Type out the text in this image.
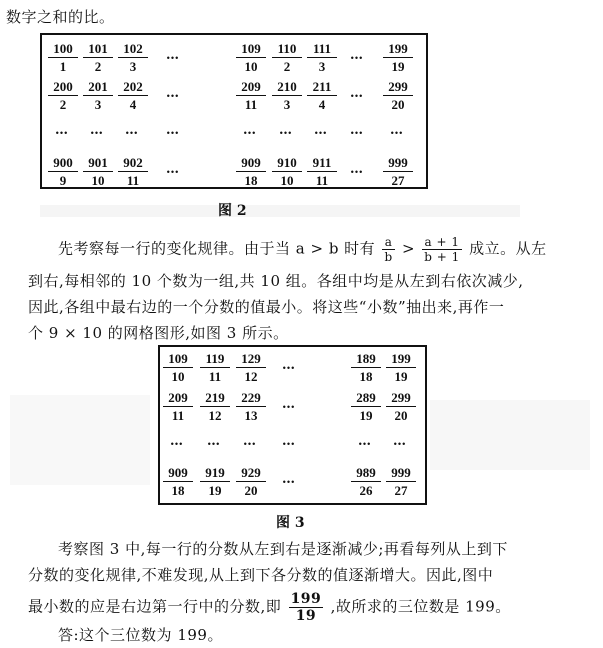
数字之和的比。
$\frac{100}{1} \frac{101}{2} \frac{102}{3}$ …	$\frac{109}{10} \frac{110}{2} \frac{111}{3}$	$\frac{199}{19}$
…
$\frac{200}{2} \frac{201}{3} \frac{202}{4}$ …	$\frac{209}{11} \frac{210}{3} \frac{211}{4}$	$\frac{299}{20}$
…
$\frac{900}{9} \frac{901}{10} \frac{902}{11}$ …	$\frac{909}{18} \frac{910}{10} \frac{911}{11}$	$\frac{999}{27}$
…
… … … …	… … … … …
图 2
先考察每一行的变化规律。由于当 a > b 时有 $\frac{a}{b} > \frac{a + 1}{b + 1}$ 成立。从左
到右,每相邻的 10 个数为一组,共 10 组。各组中均是从左到右依次减少,
因此,各组中最右边的一个分数的值最小。将这些“小数”抽出来,再作一
个 9 × 10 的网格图形,如图 3 所示。
$\frac{109}{10} \frac{119}{11} \frac{129}{12}$ …	$\frac{189}{18} \frac{199}{19}$
$\frac{209}{11} \frac{219}{12} \frac{229}{13}$ …	$\frac{289}{19} \frac{299}{20}$
$\frac{909}{18} \frac{919}{19} \frac{929}{20}$ …	$\frac{989}{26} \frac{999}{27}$
… … … …	… …
图 3
考察图 3 中,每一行的分数从左到右是逐渐减少;再看每列从上到下
分数的变化规律,不难发现,从上到下各分数的值逐渐增大。因此,图中
最小数的应是右边第一行中的分数,即 $\frac{199}{19}$ ,故所求的三位数是 199。
答:这个三位数为 199。
